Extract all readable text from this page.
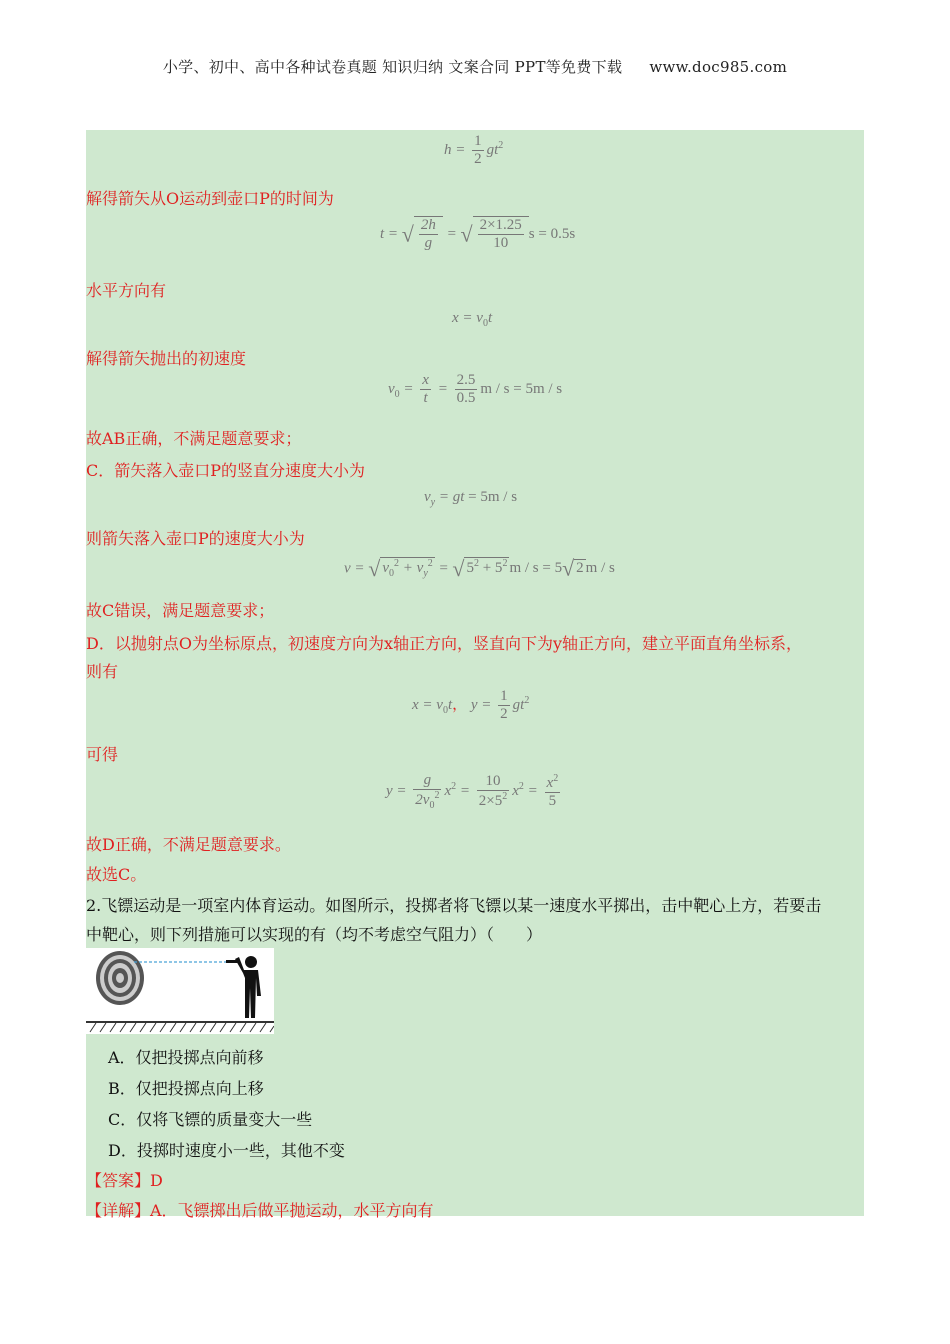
小学、初中、高中各种试卷真题 知识归纳 文案合同 PPT等免费下载 www.doc985.com
$h = \frac{1}{2} gt^2$
解得箭矢从O运动到壶口P的时间为
t = √ $\frac{2h}{g}$ = √ $\frac{2\times 1.25}{10}$ s = 0.5s
水平方向有
$x = v_0t$
解得箭矢抛出的初速度
$v_0 = \frac{x}{t} = \frac{2.5}{0.5}$ m / s = 5m / s
故AB正确，不满足题意要求；
C．箭矢落入壶口P的竖直分速度大小为
$v_y$ = gt = 5m / s
则箭矢落入壶口P的速度大小为
v = √ $v_0^2 + v_y^2$ = √ $5^2 + 5^2$ m / s = 5√ 2 m / s
故C错误，满足题意要求；
D．以抛射点O为坐标原点，初速度方向为x轴正方向，竖直向下为y轴正方向，建立平面直角坐标系，
则有
$x = v_0t$， $y = \frac{1}{2} gt^2$
可得
$y = \frac{g}{2v_0^2} x^2 = \frac{10}{2\times 5^2} x^2 = \frac{x^2}{5}$
故D正确，不满足题意要求。
故选C。
2.飞镖运动是一项室内体育运动。如图所示，投掷者将飞镖以某一速度水平掷出，击中靶心上方，若要击
中靶心，则下列措施可以实现的有（均不考虑空气阻力）（　　）
A．仅把投掷点向前移
B．仅把投掷点向上移
C．仅将飞镖的质量变大一些
D．投掷时速度小一些，其他不变
【答案】D
【详解】A．飞镖掷出后做平抛运动，水平方向有
